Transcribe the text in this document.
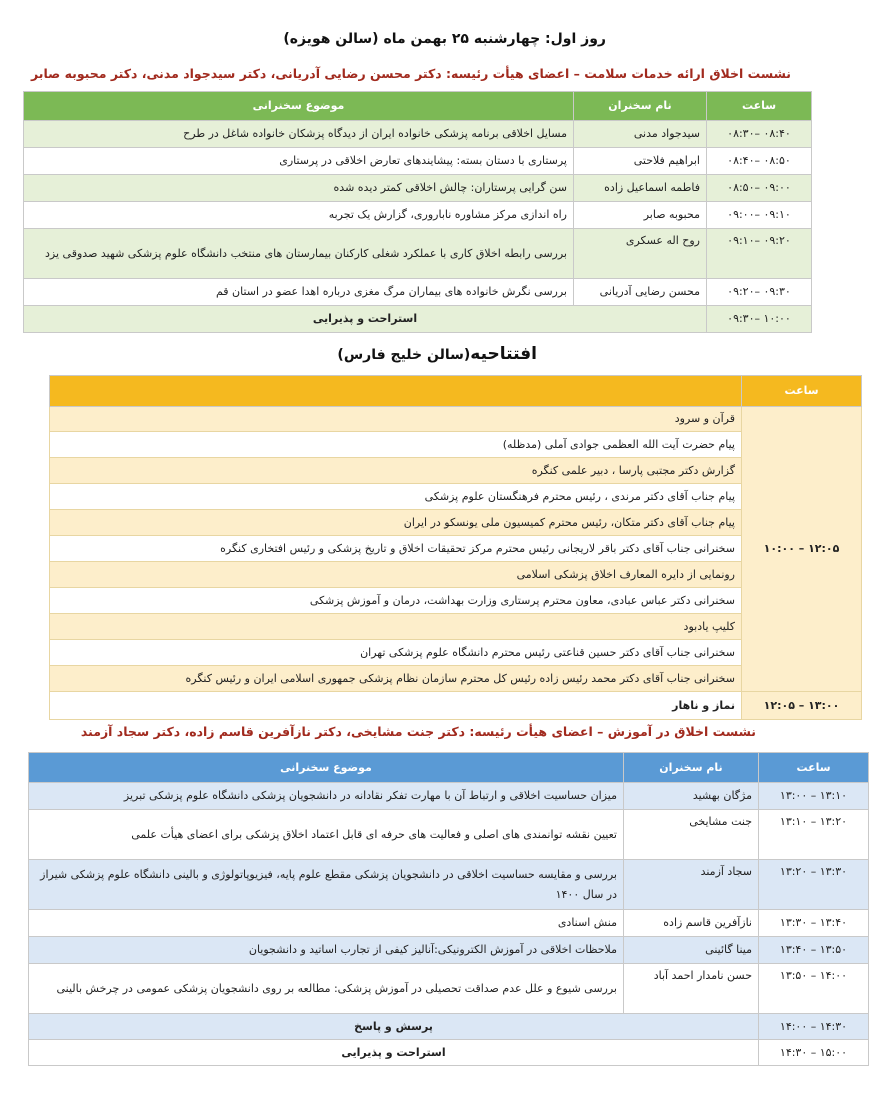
روز اول: چهارشنبه ۲۵ بهمن ماه (سالن هویزه)
نشست اخلاق ارائه خدمات سلامت – اعضای هیأت رئیسه: دکتر محسن رضایی آدریانی، دکتر سیدجواد مدنی، دکتر محبوبه صابر
ساعت	نام سخنران	موضوع سخنرانی
۰۸:۳۰– ۰۸:۴۰	سیدجواد مدنی	مسایل اخلاقی برنامه پزشکی خانواده ایران از دیدگاه پزشکان خانواده شاغل در طرح
۰۸:۴۰– ۰۸:۵۰	ابراهیم فلاحتی	پرستاری با دستان بسته: پیشایندهای تعارض اخلاقی در پرستاری
۰۸:۵۰– ۰۹:۰۰	فاطمه اسماعیل زاده	سن گرایی پرستاران: چالش اخلاقی کمتر دیده شده
۰۹:۰۰– ۰۹:۱۰	محبوبه صابر	راه اندازی مرکز مشاوره ناباروری، گزارش یک تجربه
۰۹:۱۰– ۰۹:۲۰	روح اله عسکری	بررسی رابطه اخلاق کاری با عملکرد شغلی کارکنان بیمارستان های منتخب دانشگاه علوم پزشکی شهید صدوقی یزد
۰۹:۲۰– ۰۹:۳۰	محسن رضایی آدریانی	بررسی نگرش خانواده های بیماران مرگ مغزی درباره اهدا عضو در استان قم
۰۹:۳۰– ۱۰:۰۰	استراحت و پذیرایی	
افتتاحیه(سالن خلیج فارس)
ساعت	
۱۰:۰۰ – ۱۲:۰۵	قرآن و سرود
	پیام حضرت آیت الله العظمی جوادی آملی (مدظله)
	گزارش دکتر مجتبی پارسا ، دبیر علمی کنگره
	پیام جناب آقای دکتر مرندی ، رئیس محترم فرهنگستان علوم پزشکی
	پیام جناب آقای دکتر متکان، رئیس محترم کمیسیون ملی یونسکو در ایران
	سخنرانی جناب آقای دکتر باقر لاریجانی رئیس محترم مرکز تحقیقات اخلاق و تاریخ پزشکی و رئیس افتخاری کنگره
	رونمایی از دایره المعارف اخلاق پزشکی اسلامی
	سخنرانی دکتر عباس عبادی، معاون محترم پرستاری وزارت بهداشت، درمان و آموزش پزشکی
	کلیپ یادبود
	سخنرانی جناب آقای دکتر حسین قناعتی رئیس محترم دانشگاه علوم پزشکی تهران
	سخنرانی جناب آقای دکتر محمد رئیس زاده رئیس کل محترم سازمان نظام پزشکی جمهوری اسلامی ایران و رئیس کنگره
۱۲:۰۵ – ۱۳:۰۰	نماز و ناهار
نشست اخلاق در آموزش – اعضای هیأت رئیسه: دکتر جنت مشایخی، دکتر نازآفرین قاسم زاده، دکتر سجاد آزمند
ساعت	نام سخنران	موضوع سخنرانی
۱۳:۰۰ – ۱۳:۱۰	مژگان بهشید	میزان حساسیت اخلاقی و ارتباط آن با مهارت تفکر نقادانه در دانشجویان پزشکی دانشگاه علوم پزشکی تبریز
۱۳:۱۰ – ۱۳:۲۰	جنت مشایخی	تعیین نقشه توانمندی های اصلی و فعالیت های حرفه ای قابل اعتماد اخلاق پزشکی برای اعضای هیأت علمی
۱۳:۲۰ – ۱۳:۳۰	سجاد آزمند	بررسی و مقایسه حساسیت اخلاقی در دانشجویان پزشکی مقطع علوم پایه، فیزیوپاتولوژی و بالینی دانشگاه علوم پزشکی شیراز در سال ۱۴۰۰
۱۳:۳۰ – ۱۳:۴۰	نازآفرین قاسم زاده	منش اسنادی
۱۳:۴۰ – ۱۳:۵۰	مینا گائینی	ملاحظات اخلاقی در آموزش الکترونیکی:آنالیز کیفی از تجارب اساتید و دانشجویان
۱۳:۵۰ – ۱۴:۰۰	حسن نامدار احمد آباد	بررسی شیوع و علل عدم صداقت تحصیلی در آموزش پزشکی: مطالعه بر روی دانشجویان پزشکی عمومی در چرخش بالینی
۱۴:۰۰ – ۱۴:۳۰	پرسش و پاسخ	
۱۴:۳۰ – ۱۵:۰۰	استراحت و پذیرایی	
